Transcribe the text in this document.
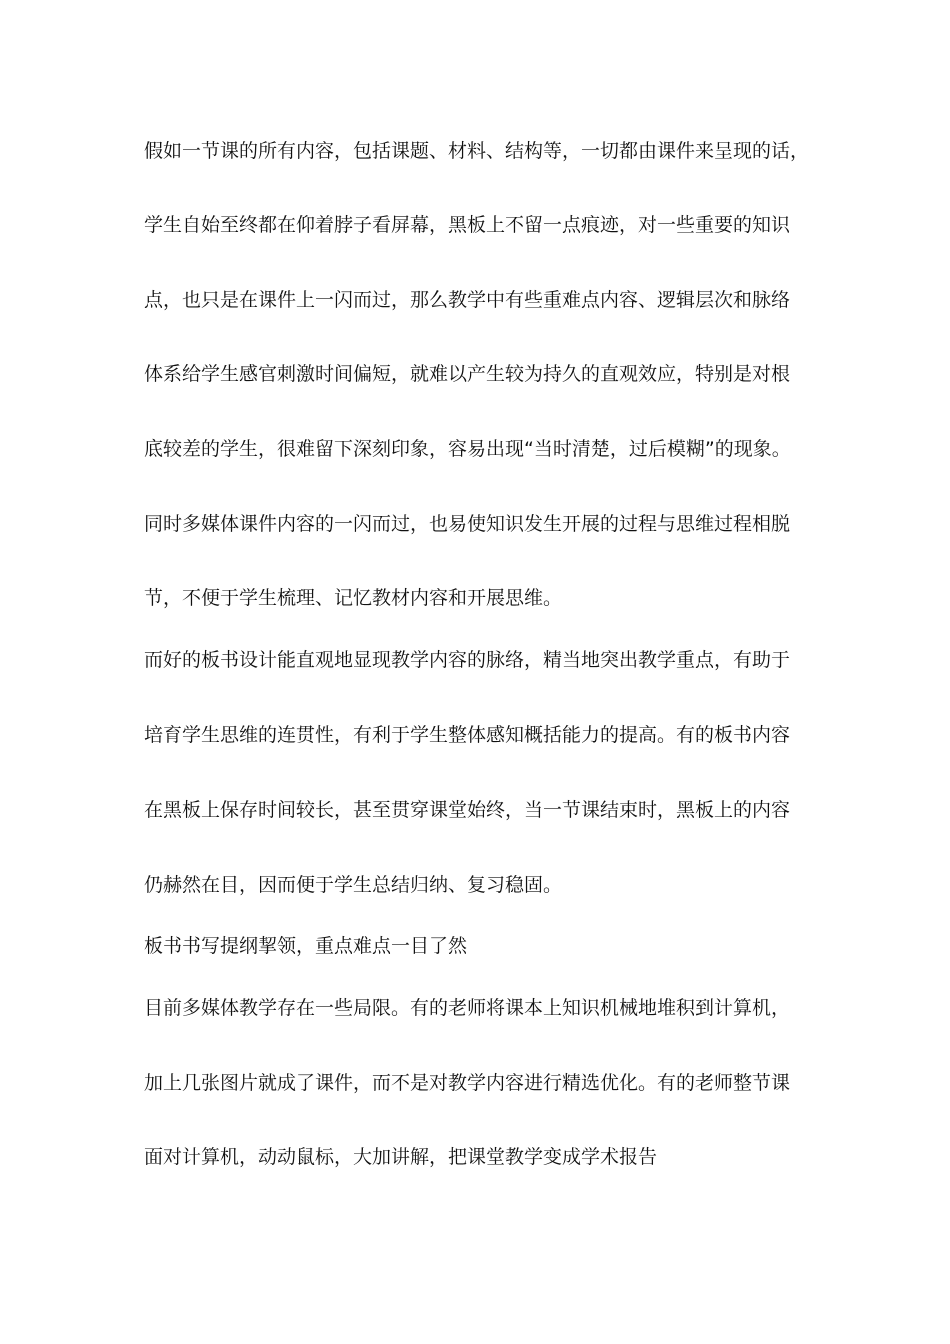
假如一节课的所有内容，包括课题、材料、结构等，一切都由课件来呈现的话，
学生自始至终都在仰着脖子看屏幕，黑板上不留一点痕迹，对一些重要的知识
点，也只是在课件上一闪而过，那么教学中有些重难点内容、逻辑层次和脉络
体系给学生感官刺激时间偏短，就难以产生较为持久的直观效应，特别是对根
底较差的学生，很难留下深刻印象，容易出现“当时清楚，过后模糊”的现象。
同时多媒体课件内容的一闪而过，也易使知识发生开展的过程与思维过程相脱
节，不便于学生梳理、记忆教材内容和开展思维。
而好的板书设计能直观地显现教学内容的脉络，精当地突出教学重点，有助于
培育学生思维的连贯性，有利于学生整体感知概括能力的提高。有的板书内容
在黑板上保存时间较长，甚至贯穿课堂始终，当一节课结束时，黑板上的内容
仍赫然在目，因而便于学生总结归纳、复习稳固。
板书书写提纲挈领，重点难点一目了然
目前多媒体教学存在一些局限。有的老师将课本上知识机械地堆积到计算机，
加上几张图片就成了课件，而不是对教学内容进行精选优化。有的老师整节课
面对计算机，动动鼠标，大加讲解，把课堂教学变成学术报告
